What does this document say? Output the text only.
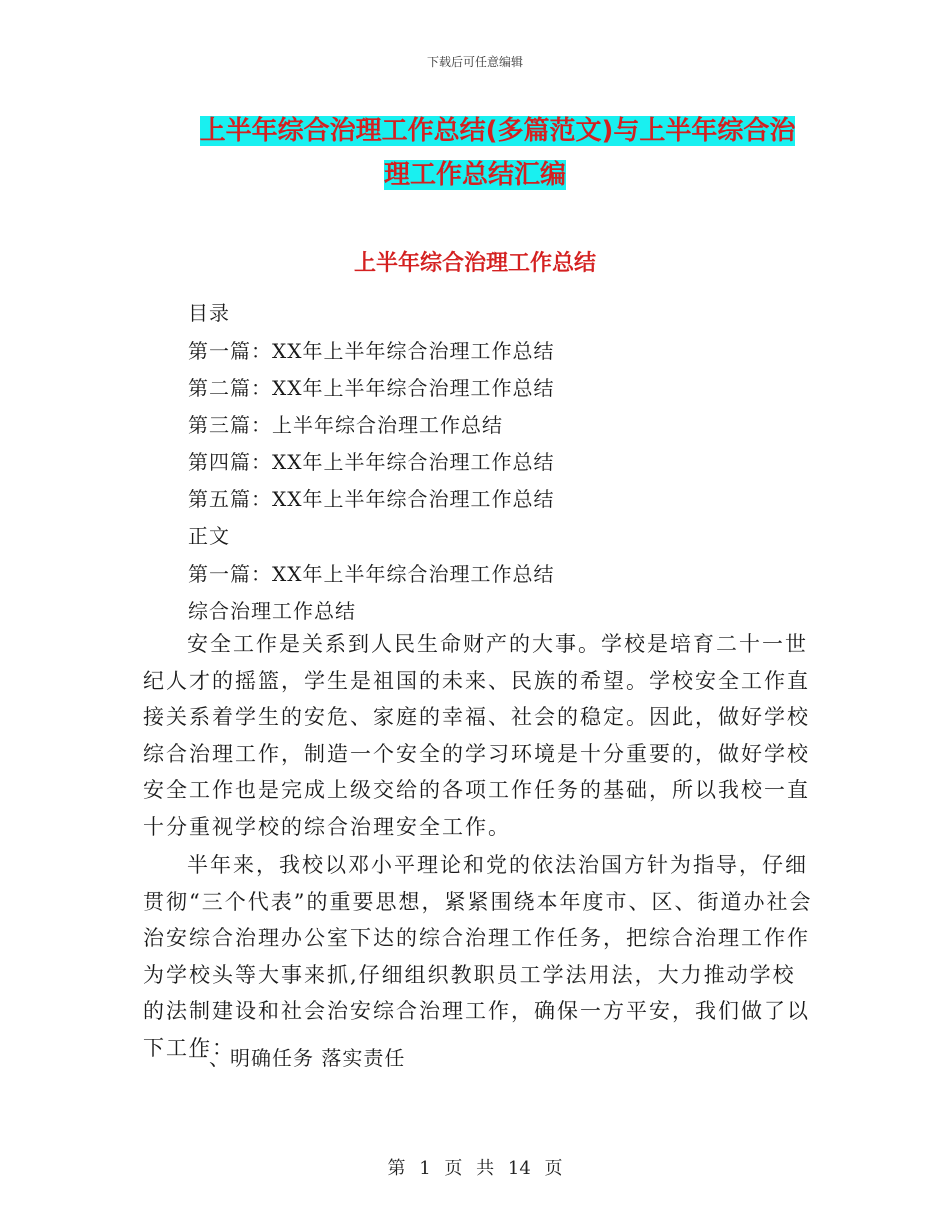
下载后可任意编辑
上半年综合治理工作总结(多篇范文)与上半年综合治
理工作总结汇编
上半年综合治理工作总结
目录
第一篇：XX年上半年综合治理工作总结
第二篇：XX年上半年综合治理工作总结
第三篇：上半年综合治理工作总结
第四篇：XX年上半年综合治理工作总结
第五篇：XX年上半年综合治理工作总结
正文
第一篇：XX年上半年综合治理工作总结
综合治理工作总结
安全工作是关系到人民生命财产的大事。学校是培育二十一世纪人才的摇篮，学生是祖国的未来、民族的希望。学校安全工作直接关系着学生的安危、家庭的幸福、社会的稳定。因此，做好学校综合治理工作，制造一个安全的学习环境是十分重要的，做好学校安全工作也是完成上级交给的各项工作任务的基础，所以我校一直十分重视学校的综合治理安全工作。
半年来，我校以邓小平理论和党的依法治国方针为指导，仔细贯彻“三个代表”的重要思想，紧紧围绕本年度市、区、街道办社会治安综合治理办公室下达的综合治理工作任务，把综合治理工作作为学校头等大事来抓,仔细组织教职员工学法用法，大力推动学校的法制建设和社会治安综合治理工作，确保一方平安，我们做了以下工作：
一、明确任务 落实责任
第 1 页 共 14 页
